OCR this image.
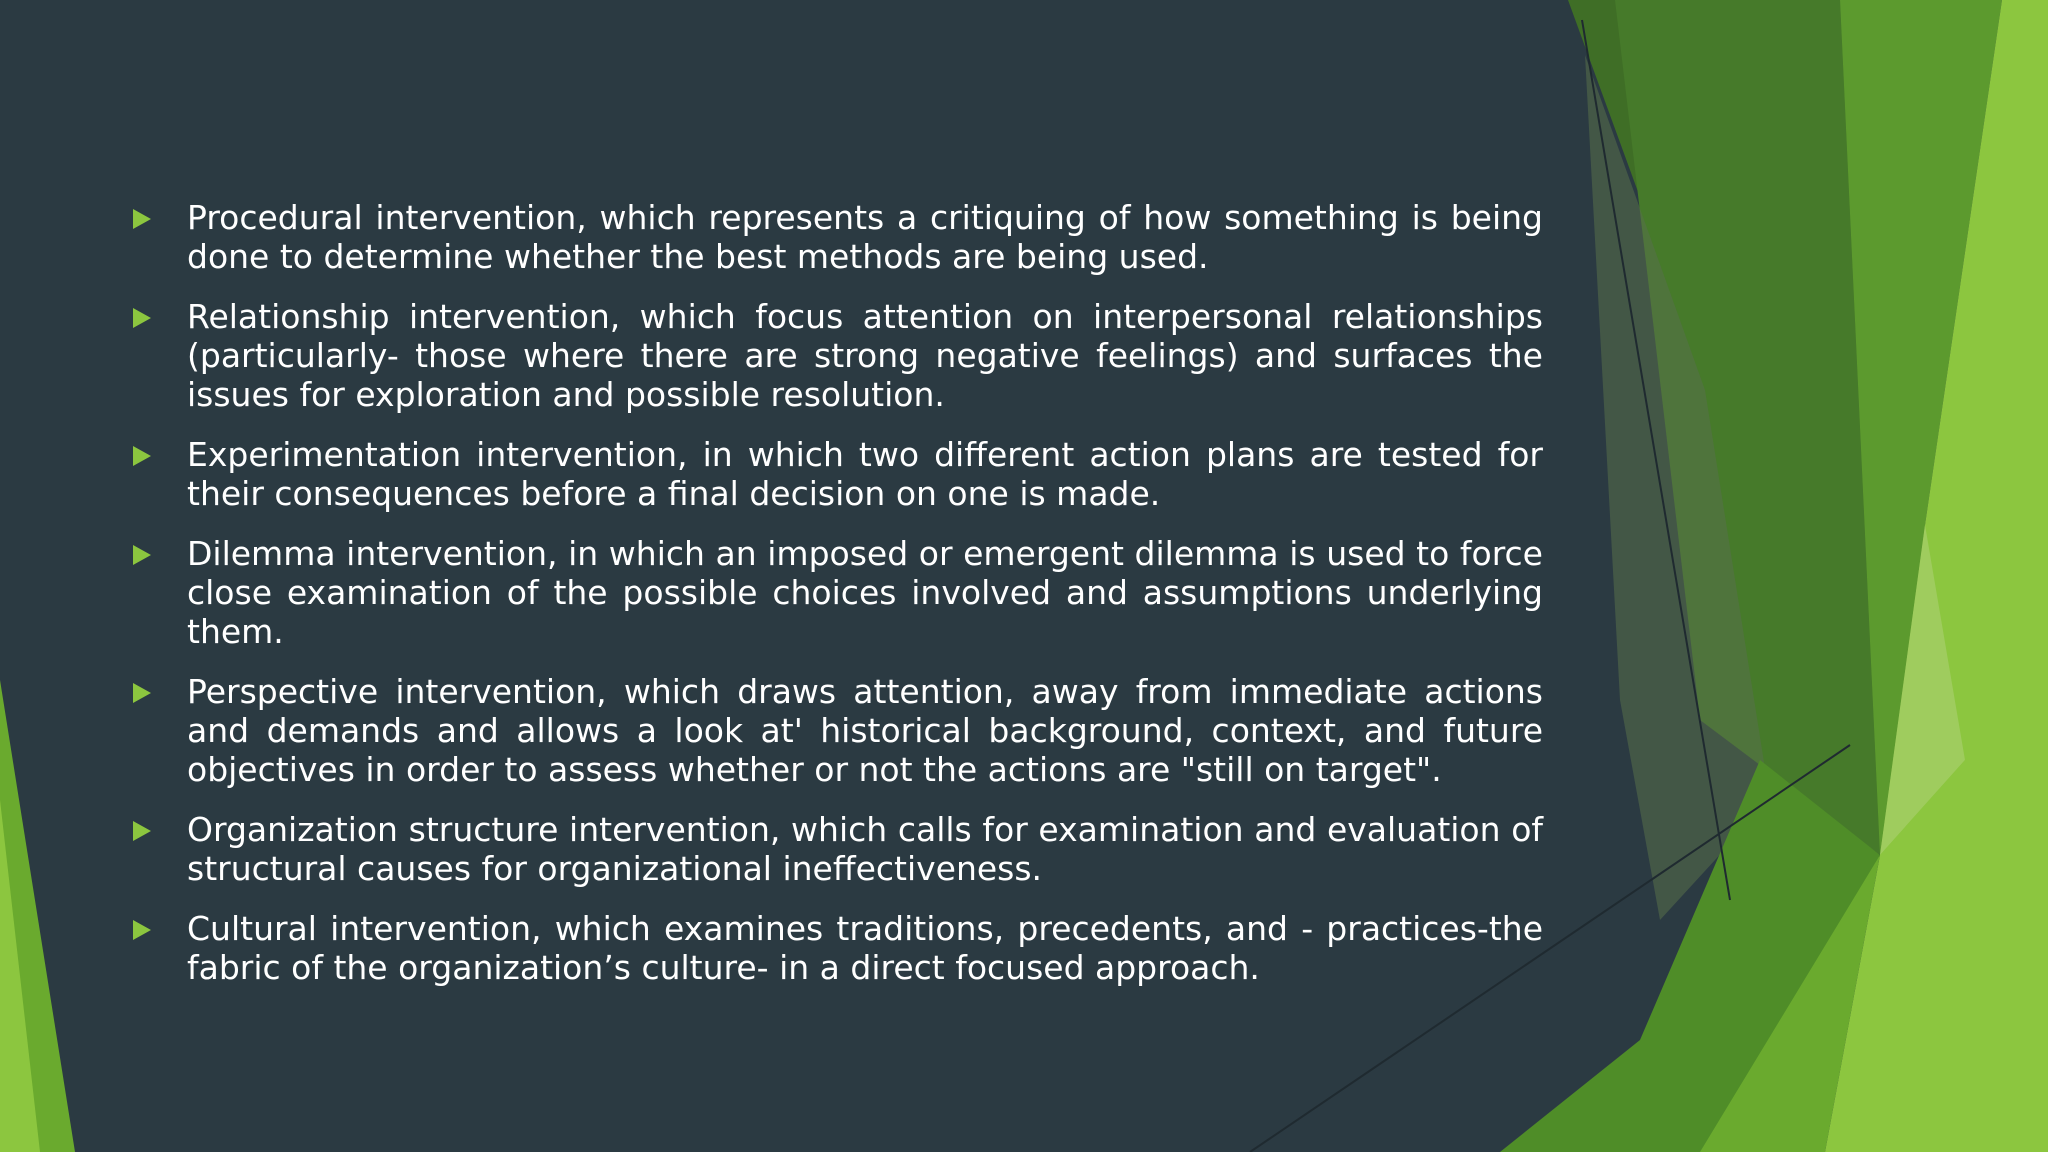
Procedural intervention, which represents a critiquing of how something is being done to determine whether the best methods are being used.
Relationship intervention, which focus attention on interpersonal relationships (particularly- those where there are strong negative feelings) and surfaces the issues for exploration and possible resolution.
Experimentation intervention, in which two different action plans are tested for their consequences before a final decision on one is made.
Dilemma intervention, in which an imposed or emergent dilemma is used to force close examination of the possible choices involved and assumptions underlying them.
Perspective intervention, which draws attention, away from immediate actions and demands and allows a look at' historical background, context, and future objectives in order to assess whether or not the actions are "still on target".
Organization structure intervention, which calls for examination and evaluation of structural causes for organizational ineffectiveness.
Cultural intervention, which examines traditions, precedents, and - practices-the fabric of the organization’s culture- in a direct focused approach.
